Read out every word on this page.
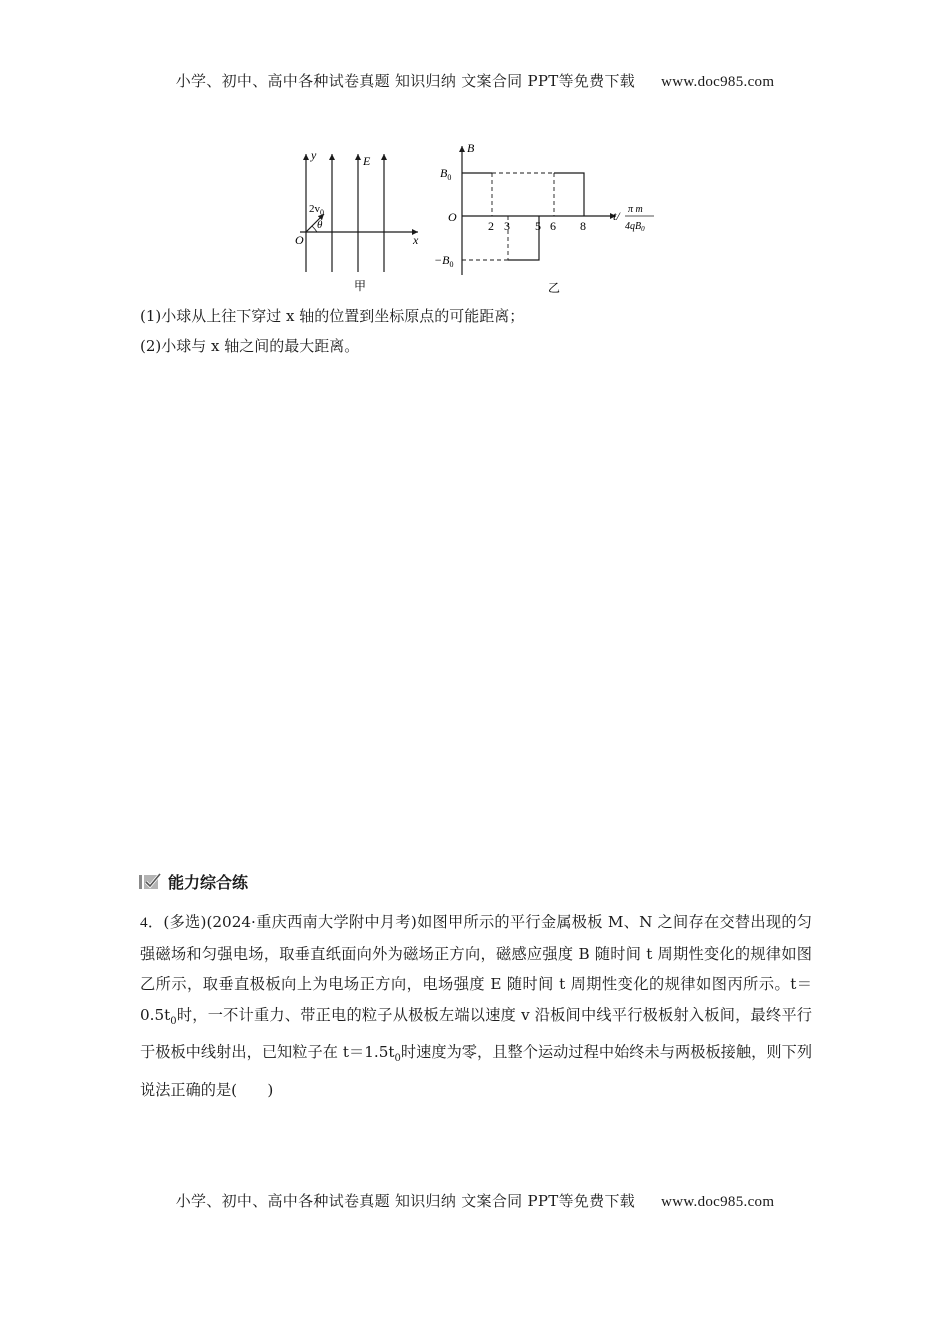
小学、初中、高中各种试卷真题 知识归纳 文案合同 PPT等免费下载 www.doc985.com
y
x
O
E
$2v_0$
θ
甲
B
$B_0$
$-B_0$
O
2 3 5 6 8
t/ π m
$4qB_0$
乙
(1)小球从上往下穿过 x 轴的位置到坐标原点的可能距离；
(2)小球与 x 轴之间的最大距离。
能力综合练
4．(多选)(2024·重庆西南大学附中月考)如图甲所示的平行金属极板 M、N 之间存在交替出现的匀强磁场和匀强电场，取垂直纸面向外为磁场正方向，磁感应强度 B 随时间 t 周期性变化的规律如图乙所示，取垂直极板向上为电场正方向，电场强度 E 随时间 t 周期性变化的规律如图丙所示。$t=0.5t_0$时，一不计重力、带正电的粒子从极板左端以速度 v 沿板间中线平行极板射入板间，最终平行于极板中线射出，已知粒子在 $t=1.5t_0$时速度为零，且整个运动过程中始终未与两极板接触，则下列说法正确的是(　　)
小学、初中、高中各种试卷真题 知识归纳 文案合同 PPT等免费下载 www.doc985.com
